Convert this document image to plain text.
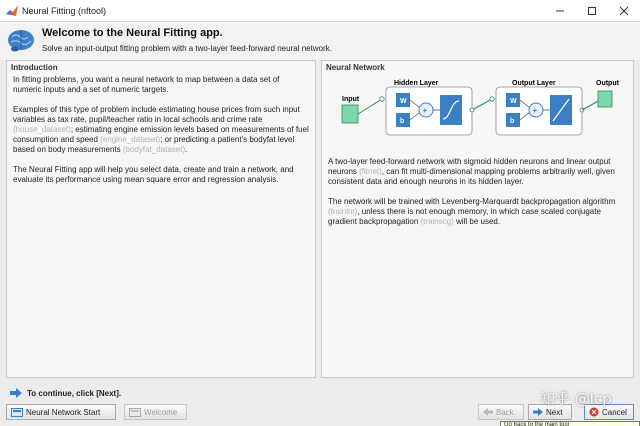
Neural Fitting (nftool)
Welcome to the Neural Fitting app.
Solve an input-output fitting problem with a two-layer feed-forward neural network.
Introduction

In fitting problems, you want a neural network to map between a data set of numeric inputs and a set of numeric targets.

Examples of this type of problem include estimating house prices from such input variables as tax rate, pupil/teacher ratio in local schools and crime rate (house_dataset); estimating engine emission levels based on measurements of fuel consumption and speed (engine_dataset); or predicting a patient's bodyfat level based on body measurements (bodyfat_dataset).

The Neural Fitting app will help you select data, create and train a network, and evaluate its performance using mean square error and regression analysis.

Neural Network
Input
Hidden Layer
W
b
+
Output Layer
W
b
+
Output

A two-layer feed-forward network with sigmoid hidden neurons and linear output neurons (fitnet), can fit multi-dimensional mapping problems arbitrarily well, given consistent data and enough neurons in its hidden layer.

The network will be trained with Levenberg-Marquardt backpropagation algorithm (trainlm), unless there is not enough memory, in which case scaled conjugate gradient backpropagation (trainscg) will be used.

To continue, click [Next].
Neural Network Start	Welcome	Back	Next	Cancel
知乎 @lcp
Go back to the main tool
